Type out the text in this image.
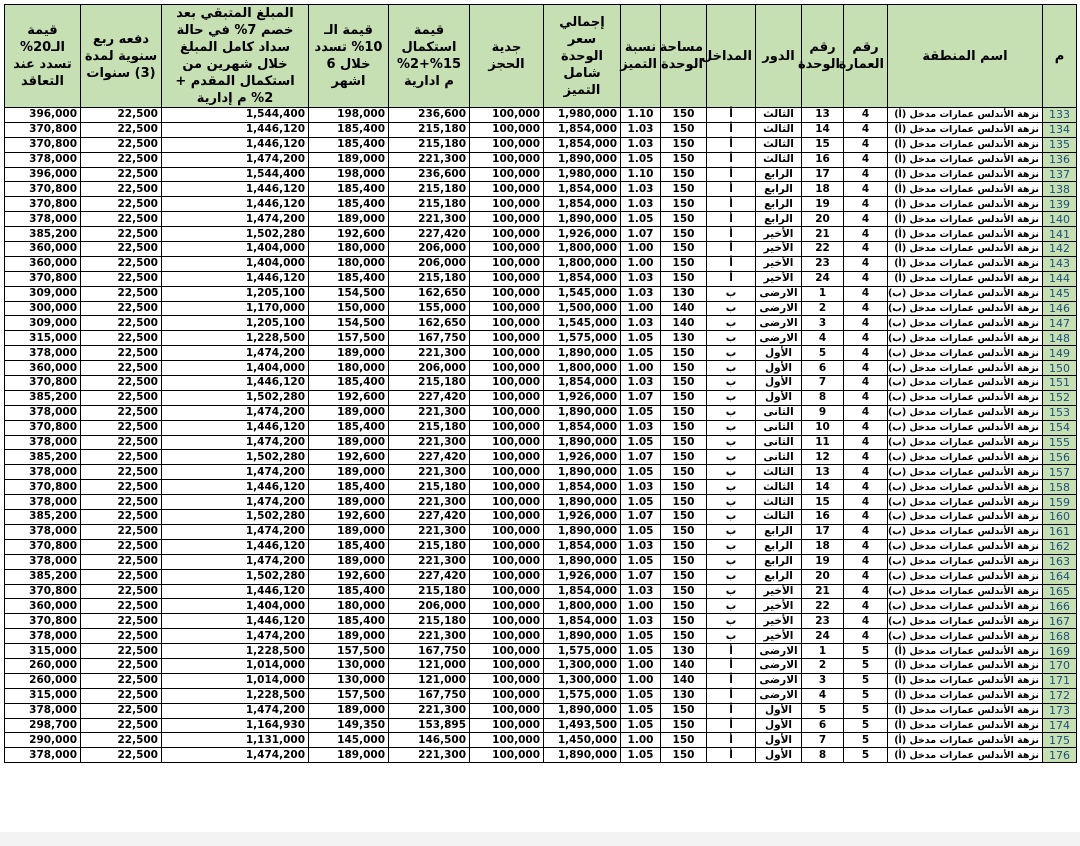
م	اسم المنطقة	رقم العمارة	رقم الوحدة	الدور	المداخل	مساحة الوحدة	نسبة التميز	إجمالي سعر الوحدة شامل التميز	جدية الحجز	قيمة استكمال 15%+2% م ادارية	قيمة الـ 10% تسدد خلال 6 اشهر	المبلغ المتبقي بعد خصم 7% في حالة سداد كامل المبلغ خلال شهرين من استكمال المقدم + 2% م إدارية	دفعه ربع سنوية لمدة (3) سنوات	قيمة الـ20% تسدد عند التعاقد
133	نزهة الأندلس عمارات مدخل (أ)	4	13	الثالث	أ	150	1.10	1,980,000	100,000	236,600	198,000	1,544,400	22,500	396,000
134	نزهة الأندلس عمارات مدخل (أ)	4	14	الثالث	أ	150	1.03	1,854,000	100,000	215,180	185,400	1,446,120	22,500	370,800
135	نزهة الأندلس عمارات مدخل (أ)	4	15	الثالث	أ	150	1.03	1,854,000	100,000	215,180	185,400	1,446,120	22,500	370,800
136	نزهة الأندلس عمارات مدخل (أ)	4	16	الثالث	أ	150	1.05	1,890,000	100,000	221,300	189,000	1,474,200	22,500	378,000
137	نزهة الأندلس عمارات مدخل (أ)	4	17	الرابع	أ	150	1.10	1,980,000	100,000	236,600	198,000	1,544,400	22,500	396,000
138	نزهة الأندلس عمارات مدخل (أ)	4	18	الرابع	أ	150	1.03	1,854,000	100,000	215,180	185,400	1,446,120	22,500	370,800
139	نزهة الأندلس عمارات مدخل (أ)	4	19	الرابع	أ	150	1.03	1,854,000	100,000	215,180	185,400	1,446,120	22,500	370,800
140	نزهة الأندلس عمارات مدخل (أ)	4	20	الرابع	أ	150	1.05	1,890,000	100,000	221,300	189,000	1,474,200	22,500	378,000
141	نزهة الأندلس عمارات مدخل (أ)	4	21	الأخير	أ	150	1.07	1,926,000	100,000	227,420	192,600	1,502,280	22,500	385,200
142	نزهة الأندلس عمارات مدخل (أ)	4	22	الأخير	أ	150	1.00	1,800,000	100,000	206,000	180,000	1,404,000	22,500	360,000
143	نزهة الأندلس عمارات مدخل (أ)	4	23	الأخير	أ	150	1.00	1,800,000	100,000	206,000	180,000	1,404,000	22,500	360,000
144	نزهة الأندلس عمارات مدخل (أ)	4	24	الأخير	أ	150	1.03	1,854,000	100,000	215,180	185,400	1,446,120	22,500	370,800
145	نزهة الأندلس عمارات مدخل (ب)	4	1	الارضى	ب	130	1.03	1,545,000	100,000	162,650	154,500	1,205,100	22,500	309,000
146	نزهة الأندلس عمارات مدخل (ب)	4	2	الارضى	ب	140	1.00	1,500,000	100,000	155,000	150,000	1,170,000	22,500	300,000
147	نزهة الأندلس عمارات مدخل (ب)	4	3	الارضى	ب	140	1.03	1,545,000	100,000	162,650	154,500	1,205,100	22,500	309,000
148	نزهة الأندلس عمارات مدخل (ب)	4	4	الارضى	ب	130	1.05	1,575,000	100,000	167,750	157,500	1,228,500	22,500	315,000
149	نزهة الأندلس عمارات مدخل (ب)	4	5	الأول	ب	150	1.05	1,890,000	100,000	221,300	189,000	1,474,200	22,500	378,000
150	نزهة الأندلس عمارات مدخل (ب)	4	6	الأول	ب	150	1.00	1,800,000	100,000	206,000	180,000	1,404,000	22,500	360,000
151	نزهة الأندلس عمارات مدخل (ب)	4	7	الأول	ب	150	1.03	1,854,000	100,000	215,180	185,400	1,446,120	22,500	370,800
152	نزهة الأندلس عمارات مدخل (ب)	4	8	الأول	ب	150	1.07	1,926,000	100,000	227,420	192,600	1,502,280	22,500	385,200
153	نزهة الأندلس عمارات مدخل (ب)	4	9	الثانى	ب	150	1.05	1,890,000	100,000	221,300	189,000	1,474,200	22,500	378,000
154	نزهة الأندلس عمارات مدخل (ب)	4	10	الثانى	ب	150	1.03	1,854,000	100,000	215,180	185,400	1,446,120	22,500	370,800
155	نزهة الأندلس عمارات مدخل (ب)	4	11	الثانى	ب	150	1.05	1,890,000	100,000	221,300	189,000	1,474,200	22,500	378,000
156	نزهة الأندلس عمارات مدخل (ب)	4	12	الثانى	ب	150	1.07	1,926,000	100,000	227,420	192,600	1,502,280	22,500	385,200
157	نزهة الأندلس عمارات مدخل (ب)	4	13	الثالث	ب	150	1.05	1,890,000	100,000	221,300	189,000	1,474,200	22,500	378,000
158	نزهة الأندلس عمارات مدخل (ب)	4	14	الثالث	ب	150	1.03	1,854,000	100,000	215,180	185,400	1,446,120	22,500	370,800
159	نزهة الأندلس عمارات مدخل (ب)	4	15	الثالث	ب	150	1.05	1,890,000	100,000	221,300	189,000	1,474,200	22,500	378,000
160	نزهة الأندلس عمارات مدخل (ب)	4	16	الثالث	ب	150	1.07	1,926,000	100,000	227,420	192,600	1,502,280	22,500	385,200
161	نزهة الأندلس عمارات مدخل (ب)	4	17	الرابع	ب	150	1.05	1,890,000	100,000	221,300	189,000	1,474,200	22,500	378,000
162	نزهة الأندلس عمارات مدخل (ب)	4	18	الرابع	ب	150	1.03	1,854,000	100,000	215,180	185,400	1,446,120	22,500	370,800
163	نزهة الأندلس عمارات مدخل (ب)	4	19	الرابع	ب	150	1.05	1,890,000	100,000	221,300	189,000	1,474,200	22,500	378,000
164	نزهة الأندلس عمارات مدخل (ب)	4	20	الرابع	ب	150	1.07	1,926,000	100,000	227,420	192,600	1,502,280	22,500	385,200
165	نزهة الأندلس عمارات مدخل (ب)	4	21	الأخير	ب	150	1.03	1,854,000	100,000	215,180	185,400	1,446,120	22,500	370,800
166	نزهة الأندلس عمارات مدخل (ب)	4	22	الأخير	ب	150	1.00	1,800,000	100,000	206,000	180,000	1,404,000	22,500	360,000
167	نزهة الأندلس عمارات مدخل (ب)	4	23	الأخير	ب	150	1.03	1,854,000	100,000	215,180	185,400	1,446,120	22,500	370,800
168	نزهة الأندلس عمارات مدخل (ب)	4	24	الأخير	ب	150	1.05	1,890,000	100,000	221,300	189,000	1,474,200	22,500	378,000
169	نزهة الأندلس عمارات مدخل (أ)	5	1	الارضى	أ	130	1.05	1,575,000	100,000	167,750	157,500	1,228,500	22,500	315,000
170	نزهة الأندلس عمارات مدخل (أ)	5	2	الارضى	أ	140	1.00	1,300,000	100,000	121,000	130,000	1,014,000	22,500	260,000
171	نزهة الأندلس عمارات مدخل (أ)	5	3	الارضى	أ	140	1.00	1,300,000	100,000	121,000	130,000	1,014,000	22,500	260,000
172	نزهة الأندلس عمارات مدخل (أ)	5	4	الارضى	أ	130	1.05	1,575,000	100,000	167,750	157,500	1,228,500	22,500	315,000
173	نزهة الأندلس عمارات مدخل (أ)	5	5	الأول	أ	150	1.05	1,890,000	100,000	221,300	189,000	1,474,200	22,500	378,000
174	نزهة الأندلس عمارات مدخل (أ)	5	6	الأول	أ	150	1.05	1,493,500	100,000	153,895	149,350	1,164,930	22,500	298,700
175	نزهة الأندلس عمارات مدخل (أ)	5	7	الأول	أ	150	1.00	1,450,000	100,000	146,500	145,000	1,131,000	22,500	290,000
176	نزهة الأندلس عمارات مدخل (أ)	5	8	الأول	أ	150	1.05	1,890,000	100,000	221,300	189,000	1,474,200	22,500	378,000
